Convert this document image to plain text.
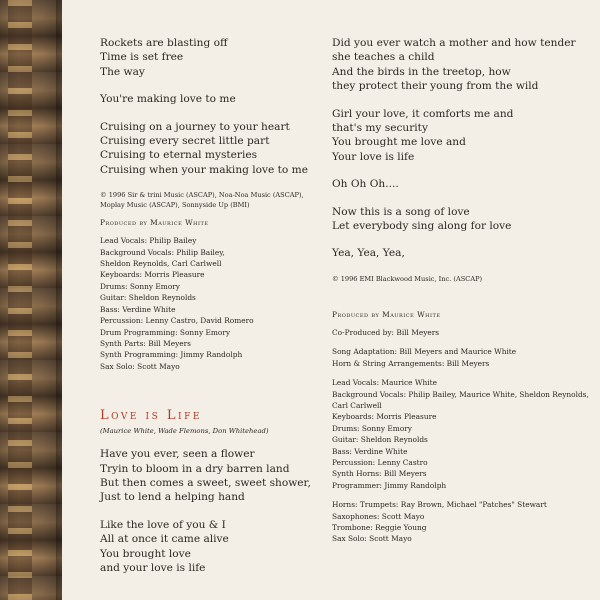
Rockets are blasting off
Time is set free
The way
You're making love to me
Cruising on a journey to your heart
Cruising every secret little part
Cruising to eternal mysteries
Cruising when your making love to me
© 1996 Sir & trini Music (ASCAP), Noa-Noa Music (ASCAP),
Moplay Music (ASCAP), Sonnyside Up (BMI)
Produced by Maurice White
Lead Vocals: Philip Bailey
Background Vocals: Philip Bailey,
Sheldon Reynolds, Carl Carlwell
Keyboards: Morris Pleasure
Drums: Sonny Emory
Guitar: Sheldon Reynolds
Bass: Verdine White
Percussion: Lenny Castro, David Romero
Drum Programming: Sonny Emory
Synth Parts: Bill Meyers
Synth Programming: Jimmy Randolph
Sax Solo: Scott Mayo
Love is Life
(Maurice White, Wade Flemons, Don Whitehead)
Have you ever, seen a flower
Tryin to bloom in a dry barren land
But then comes a sweet, sweet shower,
Just to lend a helping hand
Like the love of you & I
All at once it came alive
You brought love
and your love is life
Did you ever watch a mother and how tender
she teaches a child
And the birds in the treetop, how
they protect their young from the wild
Girl your love, it comforts me and
that's my security
You brought me love and
Your love is life
Oh Oh Oh....
Now this is a song of love
Let everybody sing along for love
Yea, Yea, Yea,
© 1996 EMI Blackwood Music, Inc. (ASCAP)
Produced by Maurice White
Co-Produced by: Bill Meyers
Song Adaptation: Bill Meyers and Maurice White
Horn & String Arrangements: Bill Meyers
Lead Vocals: Maurice White
Background Vocals: Philip Bailey, Maurice White, Sheldon Reynolds,
Carl Carlwell
Keyboards: Morris Pleasure
Drums: Sonny Emory
Guitar: Sheldon Reynolds
Bass: Verdine White
Percussion: Lenny Castro
Synth Horns: Bill Meyers
Programmer: Jimmy Randolph
Horns: Trumpets: Ray Brown, Michael "Patches" Stewart
Saxophones: Scott Mayo
Trombone: Reggie Young
Sax Solo: Scott Mayo
